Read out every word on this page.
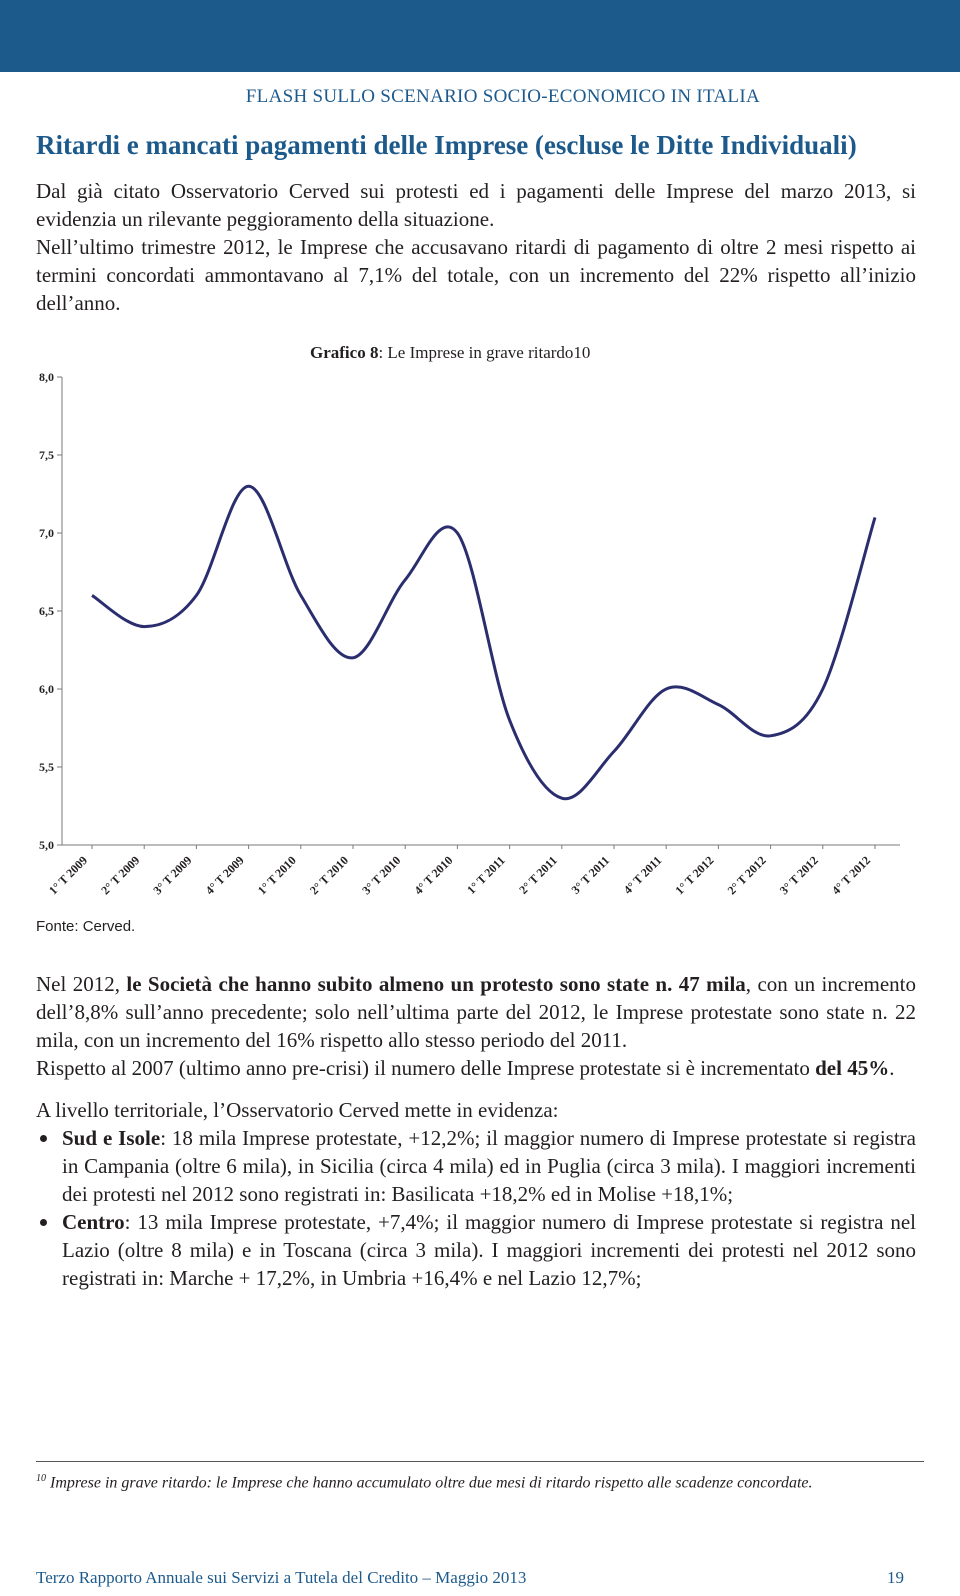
FLASH SULLO SCENARIO SOCIO-ECONOMICO IN ITALIA
Ritardi e mancati pagamenti delle Imprese (escluse le Ditte Individuali)

Dal già citato Osservatorio Cerved sui protesti ed i pagamenti delle Imprese del marzo 2013, si evidenzia un rilevante peggioramento della situazione.

Nell’ultimo trimestre 2012, le Imprese che accusavano ritardi di pagamento di oltre 2 mesi rispetto ai termini concordati ammontavano al 7,1% del totale, con un incremento del 22% rispetto all’inizio dell’anno.

8,0
7,5
7,0
6,5
6,0
5,5
5,0
1° T 2009 2° T 2009 3° T 2009 4° T 2009 1° T 2010 2° T 2010 3° T 2010 4° T 2010 1° T 2011 2° T 2011 3° T 2011 4° T 2011 1° T 2012 2° T 2012 3° T 2012 4° T 2012
Grafico 8: Le Imprese in grave ritardo10
Fonte: Cerved.

Nel 2012, le Società che hanno subito almeno un protesto sono state n. 47 mila, con un incremento dell’8,8% sull’anno precedente; solo nell’ultima parte del 2012, le Imprese protestate sono state n. 22 mila, con un incremento del 16% rispetto allo stesso periodo del 2011.

Rispetto al 2007 (ultimo anno pre-crisi) il numero delle Imprese protestate si è incrementato del 45%.

A livello territoriale, l’Osservatorio Cerved mette in evidenza:

Sud e Isole: 18 mila Imprese protestate, +12,2%; il maggior numero di Imprese protestate si registra in Campania (oltre 6 mila), in Sicilia (circa 4 mila) ed in Puglia (circa 3 mila). I maggiori incrementi dei protesti nel 2012 sono registrati in: Basilicata +18,2% ed in Molise +18,1%;
Centro: 13 mila Imprese protestate, +7,4%; il maggior numero di Imprese protestate si registra nel Lazio (oltre 8 mila) e in Toscana (circa 3 mila). I maggiori incrementi dei protesti nel 2012 sono registrati in: Marche + 17,2%, in Umbria +16,4% e nel Lazio 12,7%;
$^{10}$ Imprese in grave ritardo: le Imprese che hanno accumulato oltre due mesi di ritardo rispetto alle scadenze concordate.
Terzo Rapporto Annuale sui Servizi a Tutela del Credito – Maggio 2013	19
